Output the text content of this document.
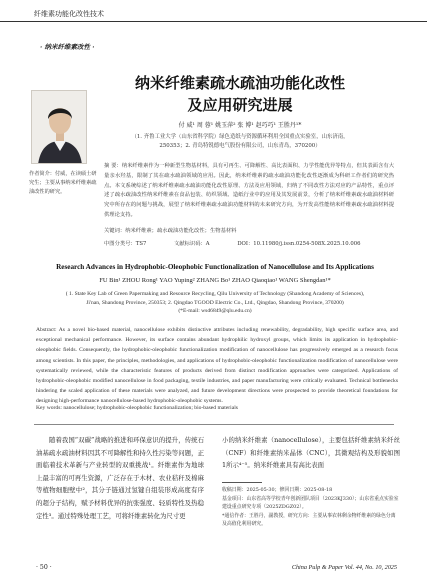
纤维素功能化改性技术
· 纳米纤维素改性 ·
作者简介：付威，在读硕士研究生；主要从事纳米纤维素疏油改性的研究。
纳米纤维素疏水疏油功能化改性
及应用研究进展
付 威¹ 周 蓉¹ 姚玉萍² 张 博¹ 赵巧巧¹ 王胜丹¹*
（1. 齐鲁工业大学（山东省科学院）绿色造纸与资源循环利用全国重点实验室，山东济南，
250353；2. 青岛特锐德电气股份有限公司，山东青岛，370200）
摘 要：纳米纤维素作为一种新型生物基材料，具有可再生、可降解性、高比表面积、力学性能优异等特点，但其表面含有大量亲水羟基，限制了其在疏水疏油领域的应用。因此，纳米纤维素的疏水疏油功能化改性逐渐成为科研工作者们的研究热点。本文系统综述了纳米纤维素疏水疏油功能化改性原理、方法及应用领域，归纳了不同改性方法对应的产品特性，重点评述了疏水疏油改性纳米纤维素在食品包装、纺织领域、造纸行业中的应用及其发展前景，分析了纳米纤维素疏水疏油材料研究中所存在的问题与挑战，展望了纳米纤维素疏水疏油功能材料的未来研究方向，为开发高性能纳米纤维素疏水疏油材料提供理论支持。
关键词：纳米纤维素；疏水疏油功能化改性；生物基材料
中图分类号：TS7	文献标识码：A	DOI：10.11980/j.issn.0254-508X.2025.10.006
Research Advances in Hydrophobic-Oleophobic Functionalization of Nanocellulose and Its Applications
FU Bin¹ ZHOU Rong¹ YAO Yuping² ZHANG Bo¹ ZHAO Qiaoqiao¹ WANG Shengdan¹*
( 1. State Key Lab of Green Papermaking and Resource Recycling, Qilu University of Technology (Shandong Academy of Sciences),
Ji'nan, Shandong Province, 250353; 2. Qingdao TGOOD Electric Co., Ltd., Qingdao, Shandong Province, 370200)
(*E-mail: wsd6849@qlu.edu.cn)
Abstract: As a novel bio-based material, nanocellulose exhibits distinctive attributes including renewability, degradability, high specific surface area, and exceptional mechanical performance. However, its surface contains abundant hydrophilic hydroxyl groups, which limits its application in hydrophobic-oleophobic fields. Consequently, the hydrophobic-oleophobic functionalization modification of nanocellulose has progressively emerged as a research focus among scientists. In this paper, the principles, methodologies, and applications of hydrophobic-oleophobic functionalization modification of nanocellulose were systematically reviewed, while the characteristic features of products derived from distinct modification approaches were categorized. Applications of hydrophobic-oleophobic modified nanocellulose in food packaging, textile industries, and paper manufacturing were critically evaluated. Technical bottlenecks hindering the scaled application of these materials were analyzed, and future development directions were prospected to provide theoretical foundations for designing high-performance nanocellulose-based hydrophobic-oleophobic systems.
Key words: nanocellulose; hydrophobic-oleophobic functionalization; bio-based materials
随着我国“双碳”战略的推进和环保意识的提升，传统石油基疏水疏油材料因其不可降解性和持久性污染等问题，正面临着技术革新与产业转型的双重挑战¹。纤维素作为地球上最丰富的可再生资源，广泛存在于木材、农业秸秆及棉麻等植物细胞壁中²，其分子链通过氢键自组装形成高度有序的超分子结构，赋予材料优异的抗张强度、轻质特性及热稳定性³。通过特殊处理工艺，可将纤维素转化为尺寸更
小的纳米纤维素（nanocellulose），主要包括纤维素纳米纤丝（CNF）和纤维素纳米晶体（CNC），其微观结构及形貌如图1所示⁴⁻⁵。纳米纤维素具有高比表面
收稿日期：2025-05-30；修回日期：2025-08-18
基金项目：山东省高等学校青年创新团队项目（2023KJ330）；山东省重点实验室建设重点研究专项（2025ZDGZ02）。
*通信作者：王胜丹，副教授，研究方向：主要从事农林剩余物纤维素的绿色分离及高值化利用研究。
· 50 ·	China Pulp & Paper Vol. 44, No. 10, 2025
